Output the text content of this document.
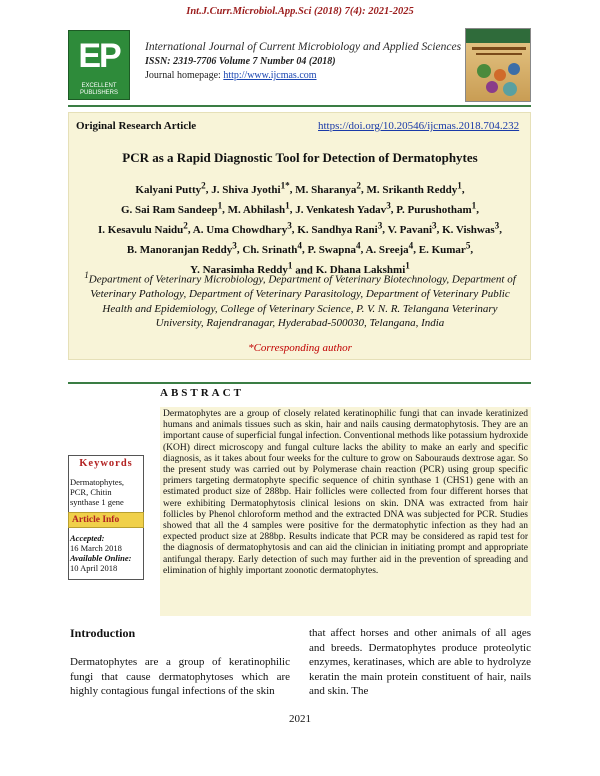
Int.J.Curr.Microbiol.App.Sci (2018) 7(4): 2021-2025
EP
EXCELLENT PUBLISHERS
International Journal of Current Microbiology and Applied Sciences
ISSN: 2319-7706 Volume 7 Number 04 (2018)
Journal homepage: http://www.ijcmas.com
Original Research Article	https://doi.org/10.20546/ijcmas.2018.704.232
PCR as a Rapid Diagnostic Tool for Detection of Dermatophytes
Kalyani Putty$^2$, J. Shiva Jyothi$^{1*}$, M. Sharanya$^2$, M. Srikanth Reddy$^1$,
G. Sai Ram Sandeep$^1$, M. Abhilash$^1$, J. Venkatesh Yadav$^3$, P. Purushotham$^1$,
I. Kesavulu Naidu$^2$, A. Uma Chowdhary$^3$, K. Sandhya Rani$^3$, V. Pavani$^3$, K. Vishwas$^3$,
B. Manoranjan Reddy$^3$, Ch. Srinath$^4$, P. Swapna$^4$, A. Sreeja$^4$, E. Kumar$^5$,
Y. Narasimha Reddy$^1$ and K. Dhana Lakshmi$^1$
$^1$Department of Veterinary Microbiology, Department of Veterinary Biotechnology, Department of Veterinary Pathology, Department of Veterinary Parasitology, Department of Veterinary Public Health and Epidemiology, College of Veterinary Science, P. V. N. R. Telangana Veterinary University, Rajendranagar, Hyderabad-500030, Telangana, India
*Corresponding author
ABSTRACT
Dermatophytes are a group of closely related keratinophilic fungi that can invade keratinized humans and animals tissues such as skin, hair and nails causing dermatophytosis. They are an important cause of superficial fungal infection. Conventional methods like potassium hydroxide (KOH) direct microscopy and fungal culture lacks the ability to make an early and specific diagnosis, as it takes about four weeks for the culture to grow on Sabourauds dextrose agar. So the present study was carried out by Polymerase chain reaction (PCR) using group specific primers targeting dermatophyte specific sequence of chitin synthase 1 (CHS1) gene with an estimated product size of 288bp. Hair follicles were collected from four different horses that were exhibiting Dermatophytosis clinical lesions on skin. DNA was extracted from hair follicles by Phenol chloroform method and the extracted DNA was subjected for PCR. Studies showed that all the 4 samples were positive for the dermatophytic infection as they had an expected product size at 288bp. Results indicate that PCR may be considered as rapid test for the diagnosis of dermatophytosis and can aid the clinician in initiating prompt and appropriate antifungal therapy. Early detection of such may further aid in the prevention of spreading and elimination of highly important zoonotic dermatophytes.
Keywords
Dermatophytes, PCR, Chitin synthase 1 gene
Article Info
Accepted:
16 March 2018
Available Online:
10 April 2018
Introduction
Dermatophytes are a group of keratinophilic fungi that cause dermatophytoses which are highly contagious fungal infections of the skin
that affect horses and other animals of all ages and breeds. Dermatophytes produce proteolytic enzymes, keratinases, which are able to hydrolyze keratin the main protein constituent of hair, nails and skin. The
2021
